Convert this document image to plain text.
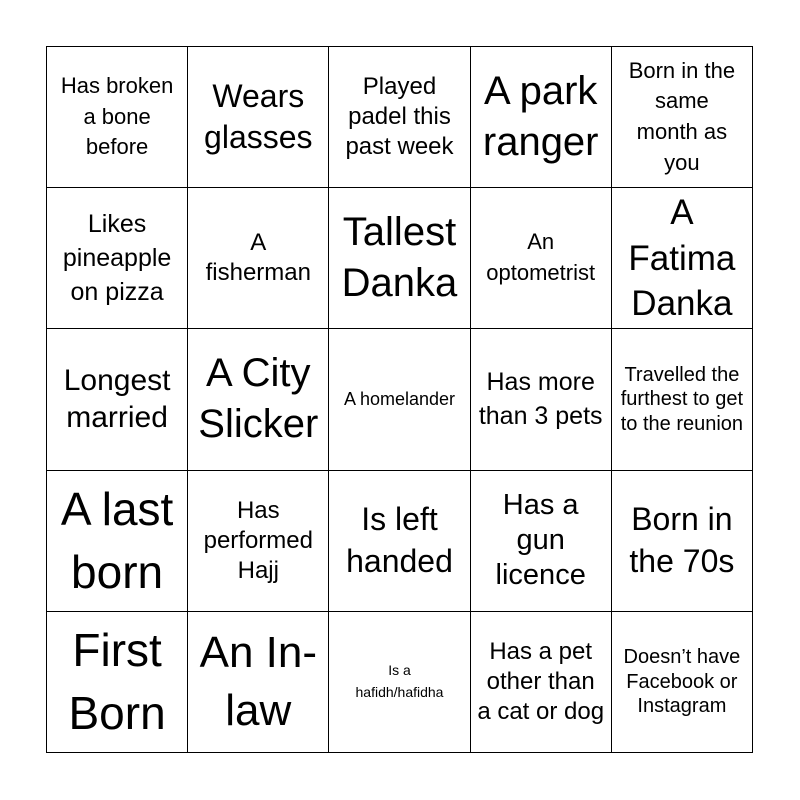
Has broken a bone before
Wears glasses
Played padel this past week
A park ranger
Born in the same month as you
Likes pineapple on pizza
A fisherman
Tallest Danka
An optometrist
A Fatima Danka
Longest married
A City Slicker
A homelander
Has more than 3 pets
Travelled the furthest to get to the reunion
A last born
Has performed Hajj
Is left handed
Has a gun licence
Born in the 70s
First Born
An In-law
Is a hafidh/hafidha
Has a pet other than a cat or dog
Doesn’t have Facebook or Instagram
